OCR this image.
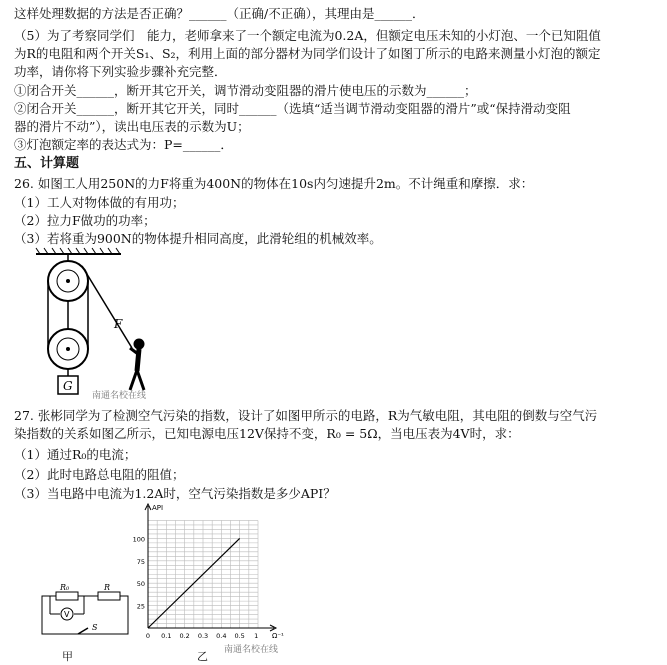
这样处理数据的方法是否正确？______（正确/不正确），其理由是______．
（5）为了考察同学们　能力，老师拿来了一个额定电流为0.2A，但额定电压未知的小灯泡、一个已知阻值
为R的电阻和两个开关S₁、S₂，利用上面的部分器材为同学们设计了如图丁所示的电路来测量小灯泡的额定
功率，请你将下列实验步骤补充完整．
①闭合开关______，断开其它开关，调节滑动变阻器的滑片使电压的示数为______；
②闭合开关______，断开其它开关，同时______（选填“适当调节滑动变阻器的滑片”或“保持滑动变阻
器的滑片不动”），读出电压表的示数为U；
③灯泡额定率的表达式为：P=______．
五、计算题
26. 如图工人用250N的力F将重为400N的物体在10s内匀速提升2m。不计绳重和摩擦．求：
（1）工人对物体做的有用功；
（2）拉力F做功的功率；
（3）若将重为900N的物体提升相同高度，此滑轮组的机械效率。
G
F
南通名校在线
27. 张彬同学为了检测空气污染的指数，设计了如图甲所示的电路，R为气敏电阻，其电阻的倒数与空气污
染指数的关系如图乙所示，已知电源电压12V保持不变，R₀ = 5Ω，当电压表为4V时，求：
（1）通过R₀的电流；
（2）此时电路总电阻的阻值；
（3）当电路中电流为1.2A时，空气污染指数是多少API？
R₀	R
V
S
甲
25
50
75
100
0 0.1 0.2 0.3 0.4 0.5 1
API
Ω⁻¹
乙 南通名校在线
